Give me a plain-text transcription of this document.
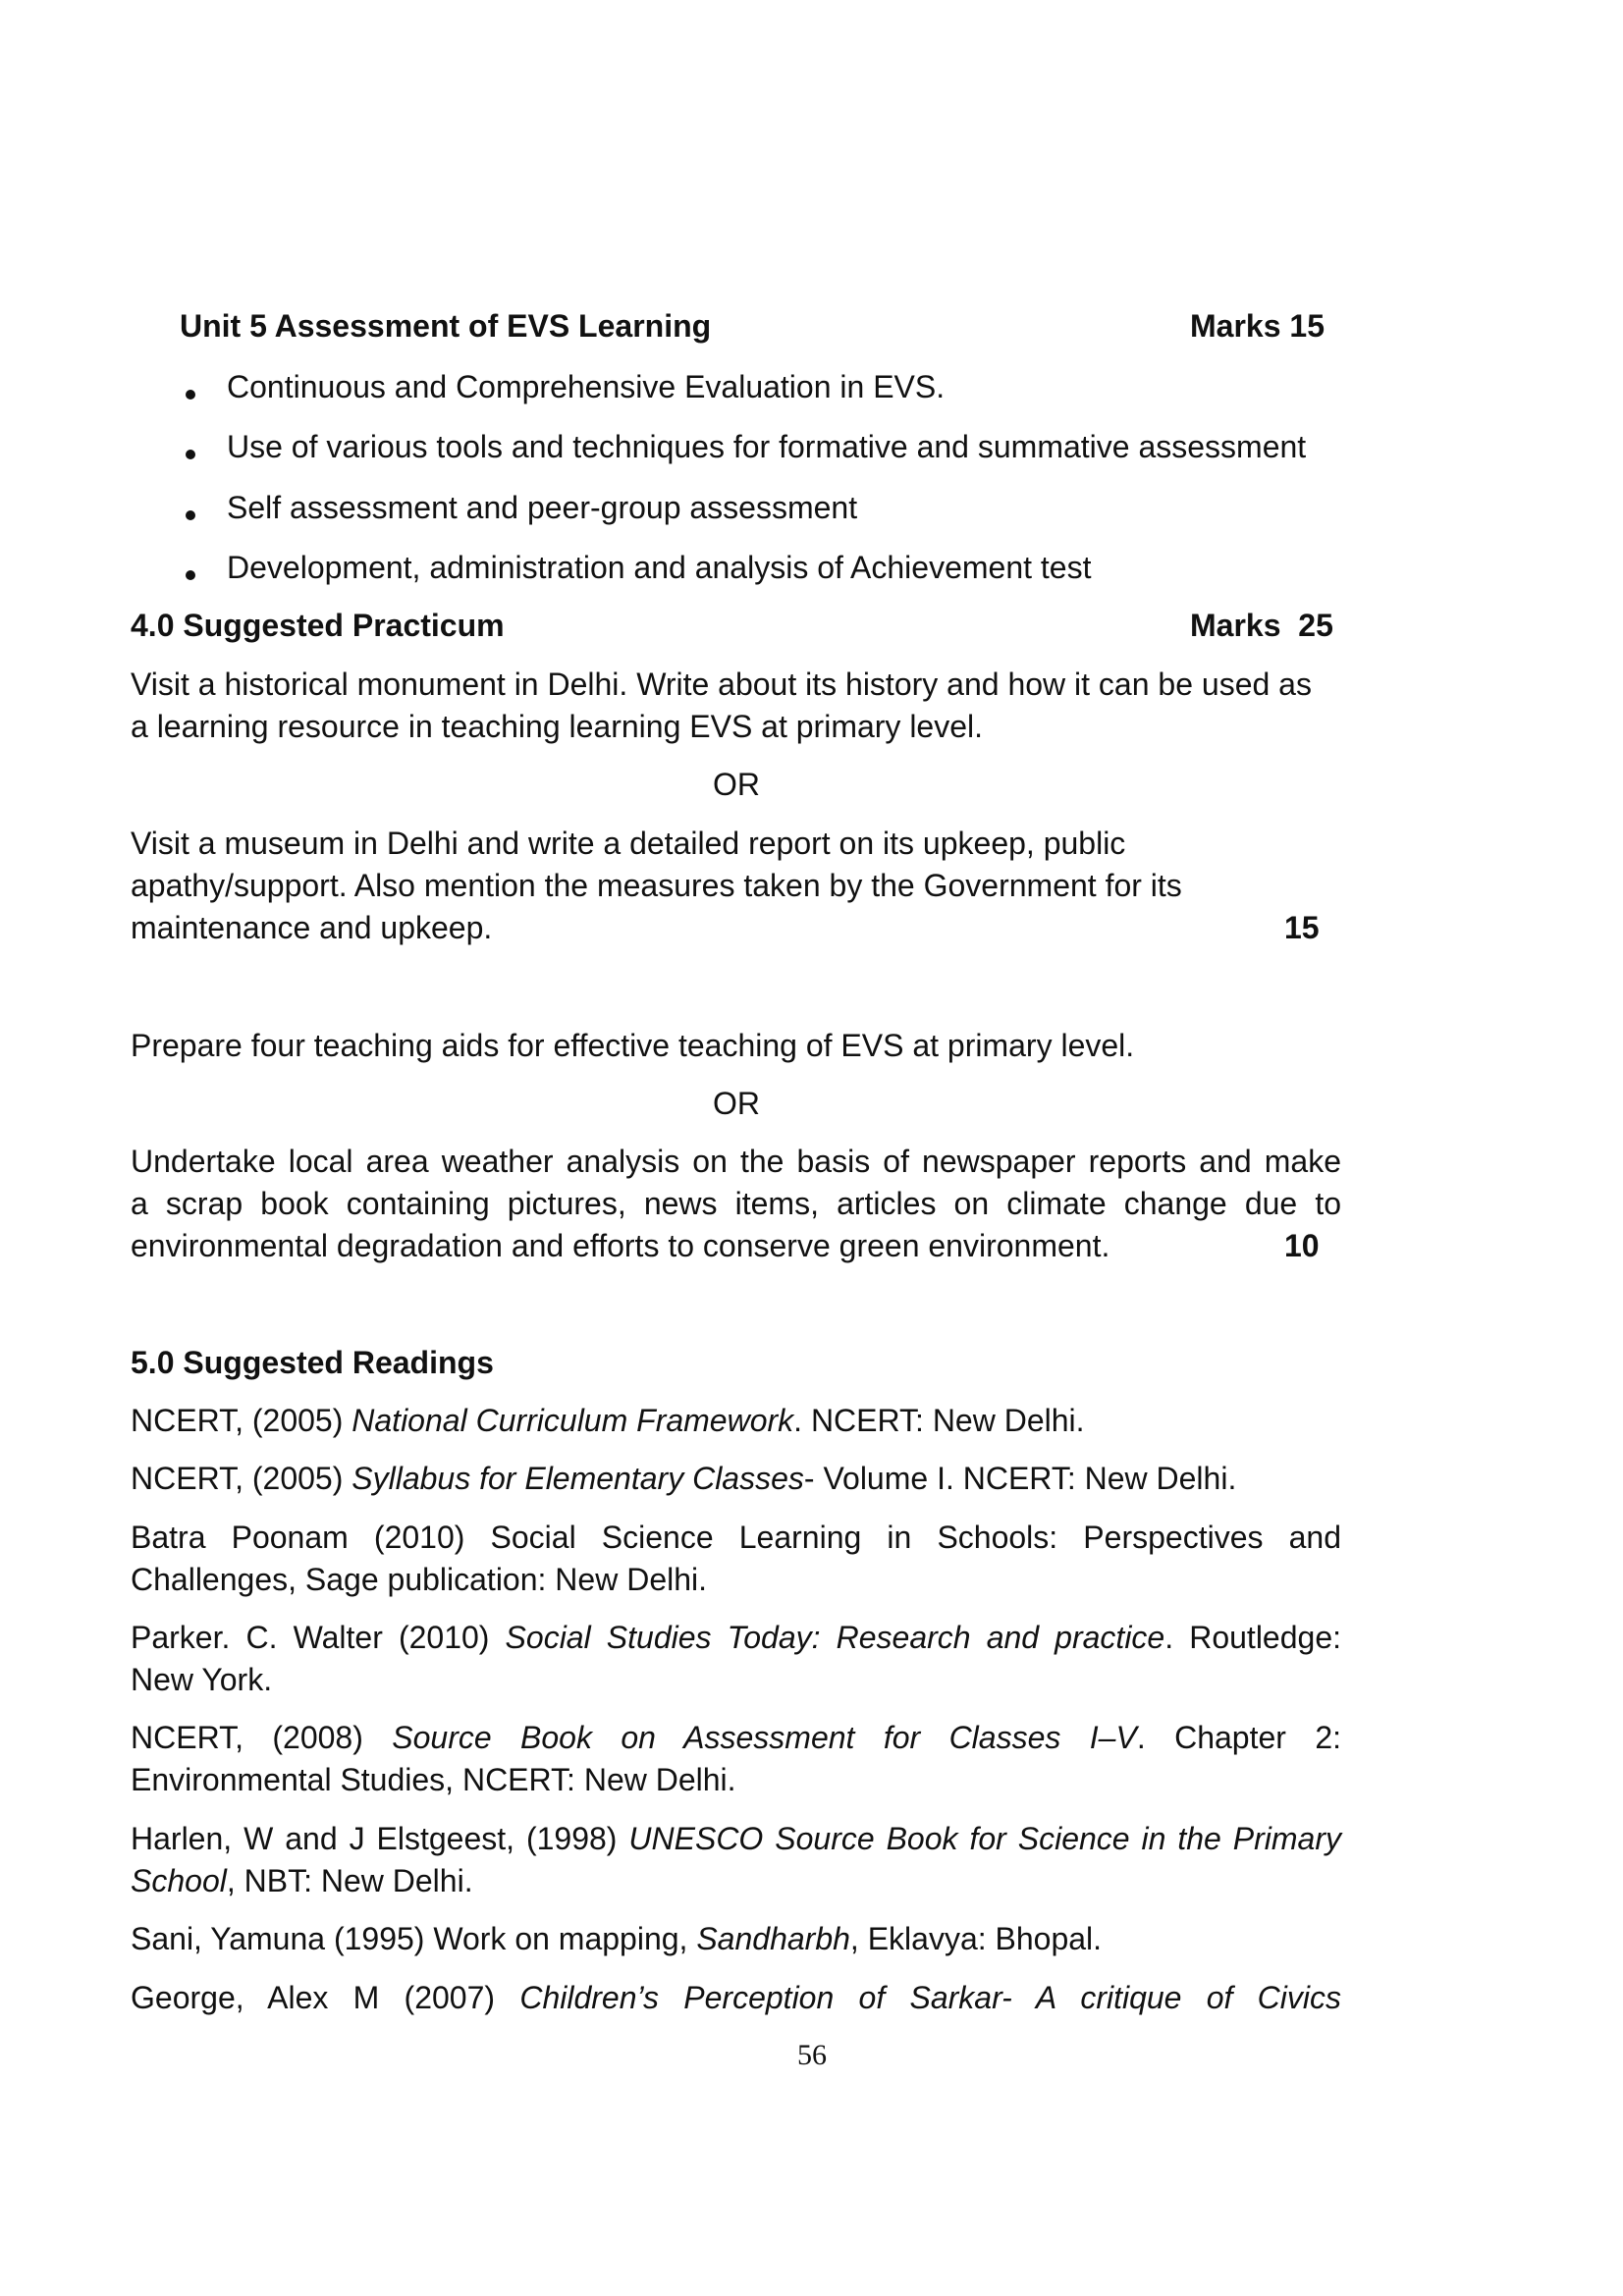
Unit 5 Assessment of EVS Learning	Marks 15
Continuous and Comprehensive Evaluation in EVS.
Use of various tools and techniques for formative and summative assessment
Self assessment and peer-group assessment
Development, administration and analysis of Achievement test
4.0 Suggested Practicum	Marks  25
Visit a historical monument in Delhi. Write about its history and how it can be used as
a learning resource in teaching learning EVS at primary level.
OR
Visit a museum in Delhi and write a detailed report on its upkeep, public
apathy/support. Also mention the measures taken by the Government for its
maintenance and upkeep.	15
Prepare four teaching aids for effective teaching of EVS at primary level.
OR
Undertake local area weather analysis on the basis of newspaper reports and make
a scrap book containing pictures, news items, articles on climate change due to
environmental degradation and efforts to conserve green environment.	10
5.0 Suggested Readings
NCERT, (2005) National Curriculum Framework. NCERT: New Delhi.
NCERT, (2005) Syllabus for Elementary Classes- Volume I. NCERT: New Delhi.
Batra Poonam (2010) Social Science Learning in Schools: Perspectives and
Challenges, Sage publication: New Delhi.
Parker. C. Walter (2010) Social Studies Today: Research and practice. Routledge:
New York.
NCERT, (2008) Source Book on Assessment for Classes I–V. Chapter 2:
Environmental Studies, NCERT: New Delhi.
Harlen, W and J Elstgeest, (1998) UNESCO Source Book for Science in the Primary
School, NBT: New Delhi.
Sani, Yamuna (1995) Work on mapping, Sandharbh, Eklavya: Bhopal.
George, Alex M (2007) Children’s Perception of Sarkar- A critique of Civics
56
